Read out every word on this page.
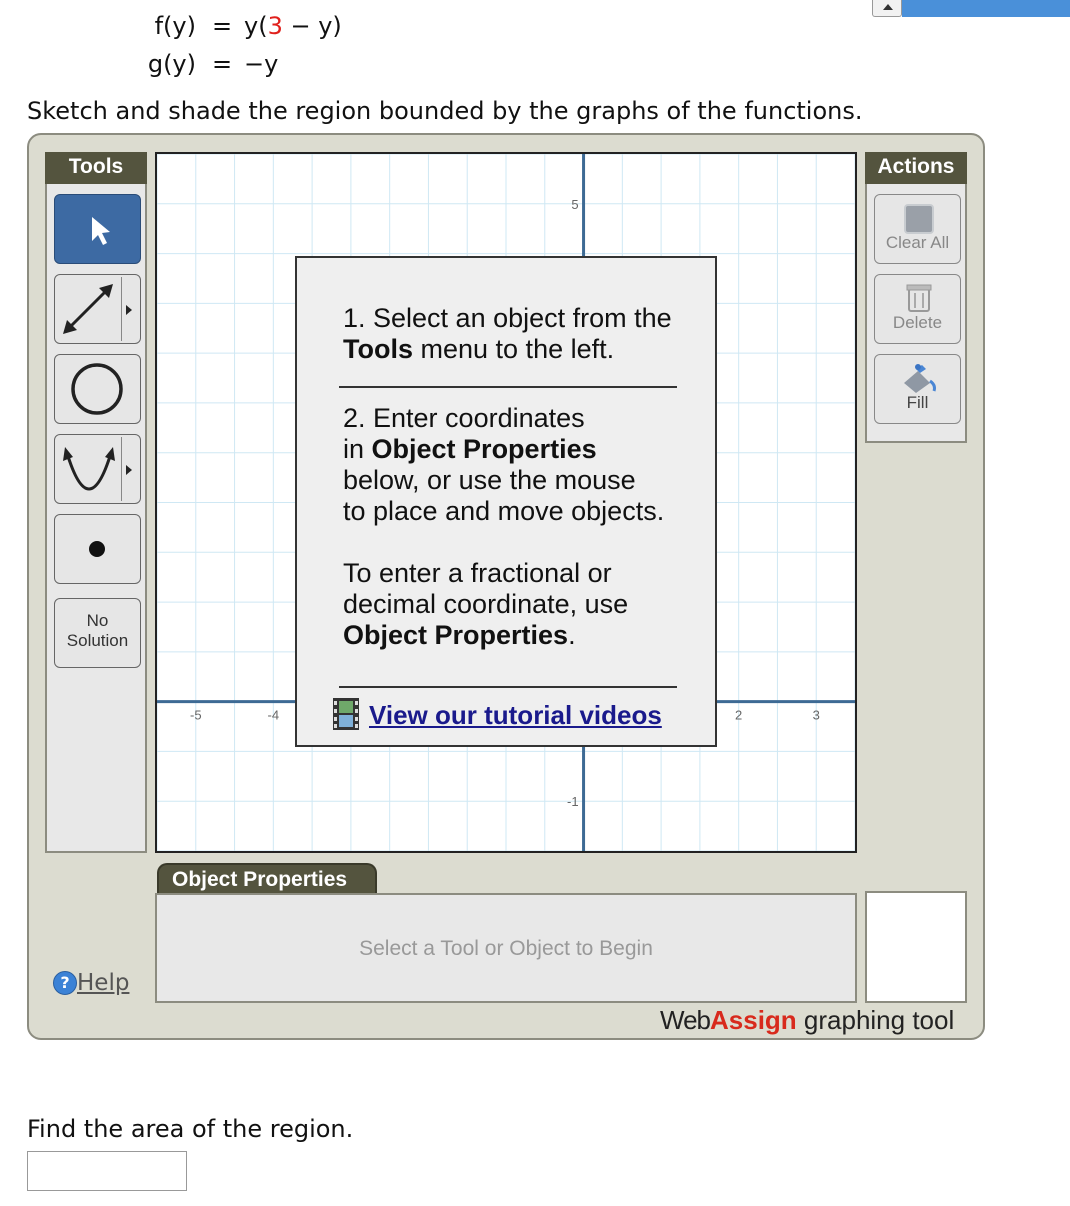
f(y) = y(3 − y)
g(y) = −y
Sketch and shade the region bounded by the graphs of the functions.
Tools
No
Solution
Actions
Clear All
Delete
Fill
-5	-4	2	3
5
-1
1. Select an object from the
Tools menu to the left.
2. Enter coordinates
in Object Properties
below, or use the mouse
to place and move objects.
To enter a fractional or
decimal coordinate, use
Object Properties.
View our tutorial videos
Object Properties
Select a Tool or Object to Begin
? Help
WebAssign graphing tool
Find the area of the region.
